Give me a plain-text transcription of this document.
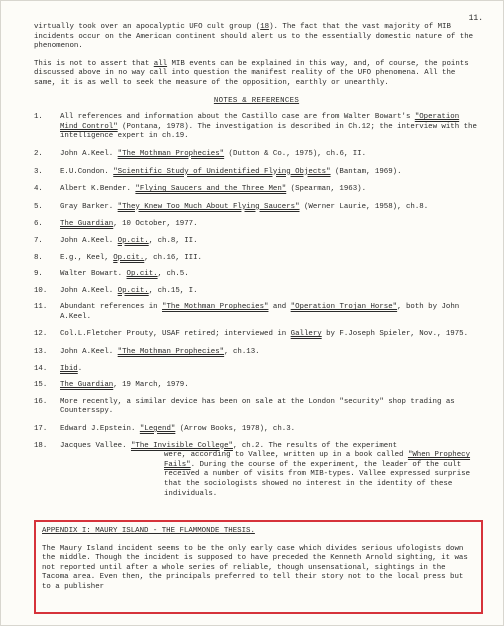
11.

virtually took over an apocalyptic UFO cult group (18). The fact that the vast majority of MIB incidents occur on the American continent should alert us to the essentially domestic nature of the phenomenon.

This is not to assert that all MIB events can be explained in this way, and, of course, the points discussed above in no way call into question the manifest reality of the UFO phenomena. All the same, it is as well to seek the measure of the opposition, earthly or unearthly.

NOTES & REFERENCES
1.	All references and information about the Castillo case are from Walter Bowart's "Operation Mind Control" (Pontana, 1978). The investigation is described in Ch.12; the interview with the intelligence expert in ch.19.
2.	John A.Keel. "The Mothman Prophecies" (Dutton & Co., 1975), ch.6, II.
3.	E.U.Condon. "Scientific Study of Unidentified Flying Objects" (Bantam, 1969).
4.	Albert K.Bender. "Flying Saucers and the Three Men" (Spearman, 1963).
5.	Gray Barker. "They Knew Too Much About Flying Saucers" (Werner Laurie, 1958), ch.8.
6.	The Guardian, 10 October, 1977.
7.	John A.Keel. Op.cit., ch.8, II.
8.	E.g., Keel, Op.cit., ch.16, III.
9.	Walter Bowart. Op.cit., ch.5.
10.	John A.Keel. Op.cit., ch.15, I.
11.	Abundant references in "The Mothman Prophecies" and "Operation Trojan Horse", both by John A.Keel.
12.	Col.L.Fletcher Prouty, USAF retired; interviewed in Gallery by F.Joseph Spieler, Nov., 1975.
13.	John A.Keel. "The Mothman Prophecies", ch.13.
14.	Ibid.
15.	The Guardian, 19 March, 1979.
16.	More recently, a similar device has been on sale at the London "security" shop trading as Countersspy.
17.	Edward J.Epstein. "Legend" (Arrow Books, 1978), ch.3.
18.	Jacques Vallee. "The Invisible College", ch.2. The results of the experiment
were, according to Vallee, written up in a book called "When Prophecy Fails". During the course of the experiment, the leader of the cult received a number of visits from MIB-types. Vallee expressed surprise that the sociologists showed no interest in the identity of these individuals.
APPENDIX I: MAURY ISLAND - THE FLAMMONDE THESIS.

The Maury Island incident seems to be the only early case which divides serious ufologists down the middle. Though the incident is supposed to have preceded the Kenneth Arnold sighting, it was not reported until after a whole series of reliable, though unsensational, sightings in the Tacoma area. Even then, the principals preferred to tell their story not to the local press but to a publisher
